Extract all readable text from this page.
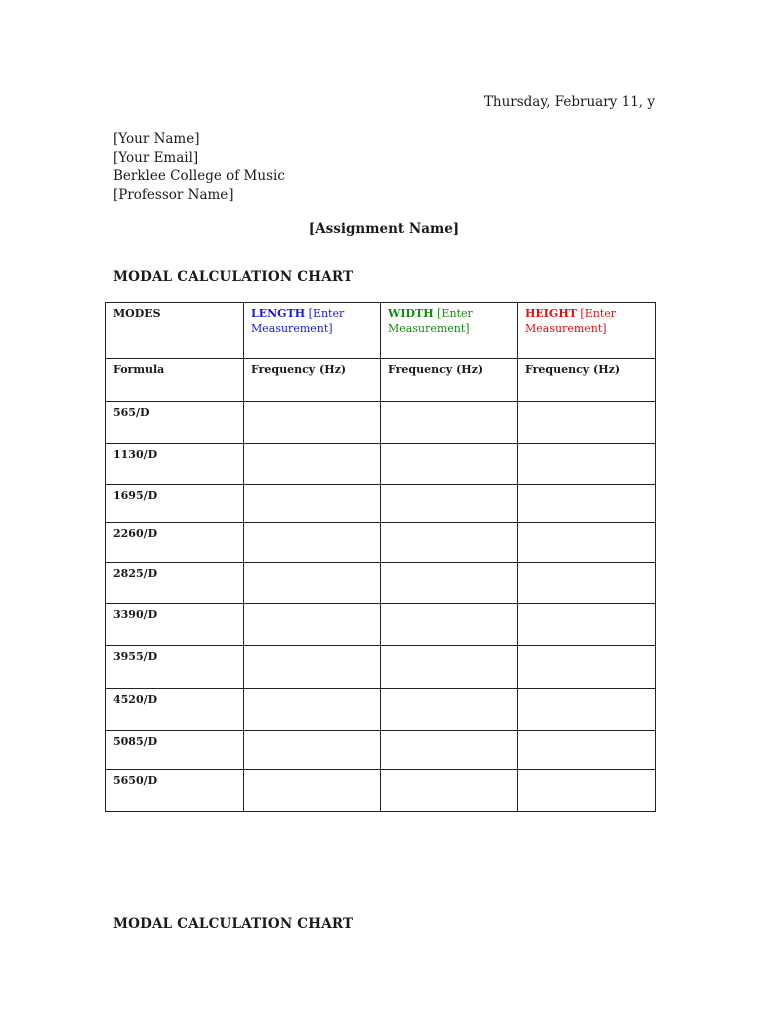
Thursday, February 11, y
[Your Name]
[Your Email]
Berklee College of Music
[Professor Name]
[Assignment Name]
MODAL CALCULATION CHART
MODES	LENGTH [Enter Measurement]	WIDTH [Enter Measurement]	HEIGHT [Enter Measurement]
Formula	Frequency (Hz)	Frequency (Hz)	Frequency (Hz)
565/D			
1130/D			
1695/D			
2260/D			
2825/D			
3390/D			
3955/D			
4520/D			
5085/D			
5650/D			
MODAL CALCULATION CHART
